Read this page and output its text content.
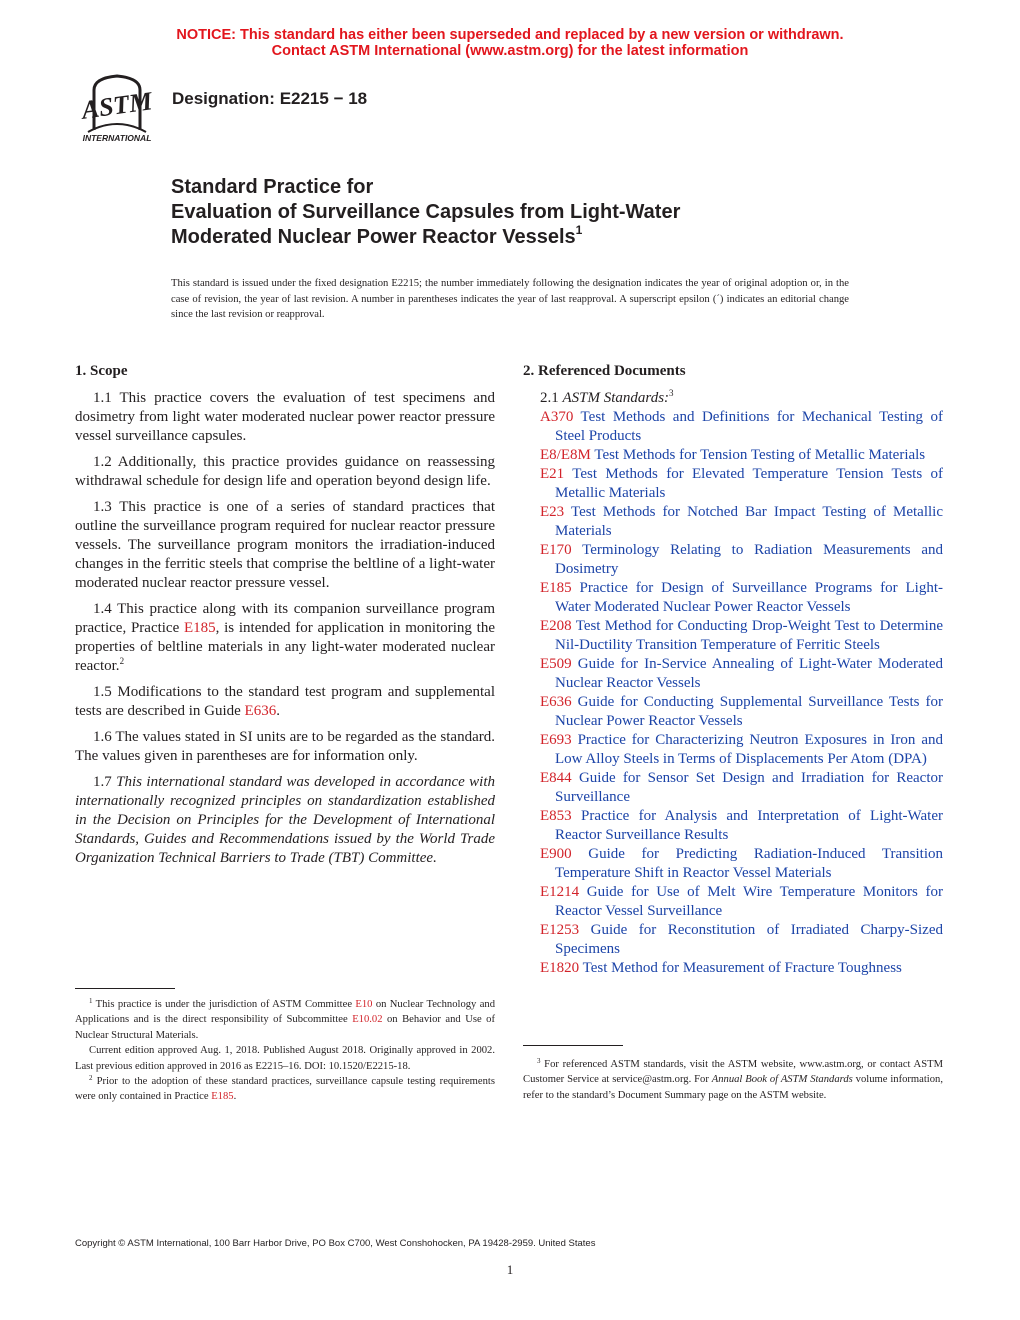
NOTICE: This standard has either been superseded and replaced by a new version or withdrawn.
Contact ASTM International (www.astm.org) for the latest information
ASTM
INTERNATIONAL
Designation: E2215 − 18
Standard Practice for
Evaluation of Surveillance Capsules from Light-Water
Moderated Nuclear Power Reactor Vessels$^1$
This standard is issued under the fixed designation E2215; the number immediately following the designation indicates the year of original adoption or, in the case of revision, the year of last revision. A number in parentheses indicates the year of last reapproval. A superscript epsilon (´) indicates an editorial change since the last revision or reapproval.
1. Scope

1.1 This practice covers the evaluation of test specimens and dosimetry from light water moderated nuclear power reactor pressure vessel surveillance capsules.

1.2 Additionally, this practice provides guidance on reassessing withdrawal schedule for design life and operation beyond design life.

1.3 This practice is one of a series of standard practices that outline the surveillance program required for nuclear reactor pressure vessels. The surveillance program monitors the irradiation-induced changes in the ferritic steels that comprise the beltline of a light-water moderated nuclear reactor pressure vessel.

1.4 This practice along with its companion surveillance program practice, Practice E185, is intended for application in monitoring the properties of beltline materials in any light-water moderated nuclear reactor.$^2$

1.5 Modifications to the standard test program and supplemental tests are described in Guide E636.

1.6 The values stated in SI units are to be regarded as the standard. The values given in parentheses are for information only.

1.7 This international standard was developed in accordance with internationally recognized principles on standardization established in the Decision on Principles for the Development of International Standards, Guides and Recommendations issued by the World Trade Organization Technical Barriers to Trade (TBT) Committee.

2. Referenced Documents
2.1 ASTM Standards:$^3$

A370 Test Methods and Definitions for Mechanical Testing of Steel Products

E8/E8M Test Methods for Tension Testing of Metallic Materials

E21 Test Methods for Elevated Temperature Tension Tests of Metallic Materials

E23 Test Methods for Notched Bar Impact Testing of Metallic Materials

E170 Terminology Relating to Radiation Measurements and Dosimetry

E185 Practice for Design of Surveillance Programs for Light-Water Moderated Nuclear Power Reactor Vessels

E208 Test Method for Conducting Drop-Weight Test to Determine Nil-Ductility Transition Temperature of Ferritic Steels

E509 Guide for In-Service Annealing of Light-Water Moderated Nuclear Reactor Vessels

E636 Guide for Conducting Supplemental Surveillance Tests for Nuclear Power Reactor Vessels

E693 Practice for Characterizing Neutron Exposures in Iron and Low Alloy Steels in Terms of Displacements Per Atom (DPA)

E844 Guide for Sensor Set Design and Irradiation for Reactor Surveillance

E853 Practice for Analysis and Interpretation of Light-Water Reactor Surveillance Results

E900 Guide for Predicting Radiation-Induced Transition Temperature Shift in Reactor Vessel Materials

E1214 Guide for Use of Melt Wire Temperature Monitors for Reactor Vessel Surveillance

E1253 Guide for Reconstitution of Irradiated Charpy-Sized Specimens

E1820 Test Method for Measurement of Fracture Toughness

$^1$ This practice is under the jurisdiction of ASTM Committee E10 on Nuclear Technology and Applications and is the direct responsibility of Subcommittee E10.02 on Behavior and Use of Nuclear Structural Materials.

Current edition approved Aug. 1, 2018. Published August 2018. Originally approved in 2002. Last previous edition approved in 2016 as E2215–16. DOI: 10.1520/E2215-18.

$^2$ Prior to the adoption of these standard practices, surveillance capsule testing requirements were only contained in Practice E185.

$^3$ For referenced ASTM standards, visit the ASTM website, www.astm.org, or contact ASTM Customer Service at service@astm.org. For Annual Book of ASTM Standards volume information, refer to the standard’s Document Summary page on the ASTM website.

Copyright © ASTM International, 100 Barr Harbor Drive, PO Box C700, West Conshohocken, PA 19428-2959. United States
1
